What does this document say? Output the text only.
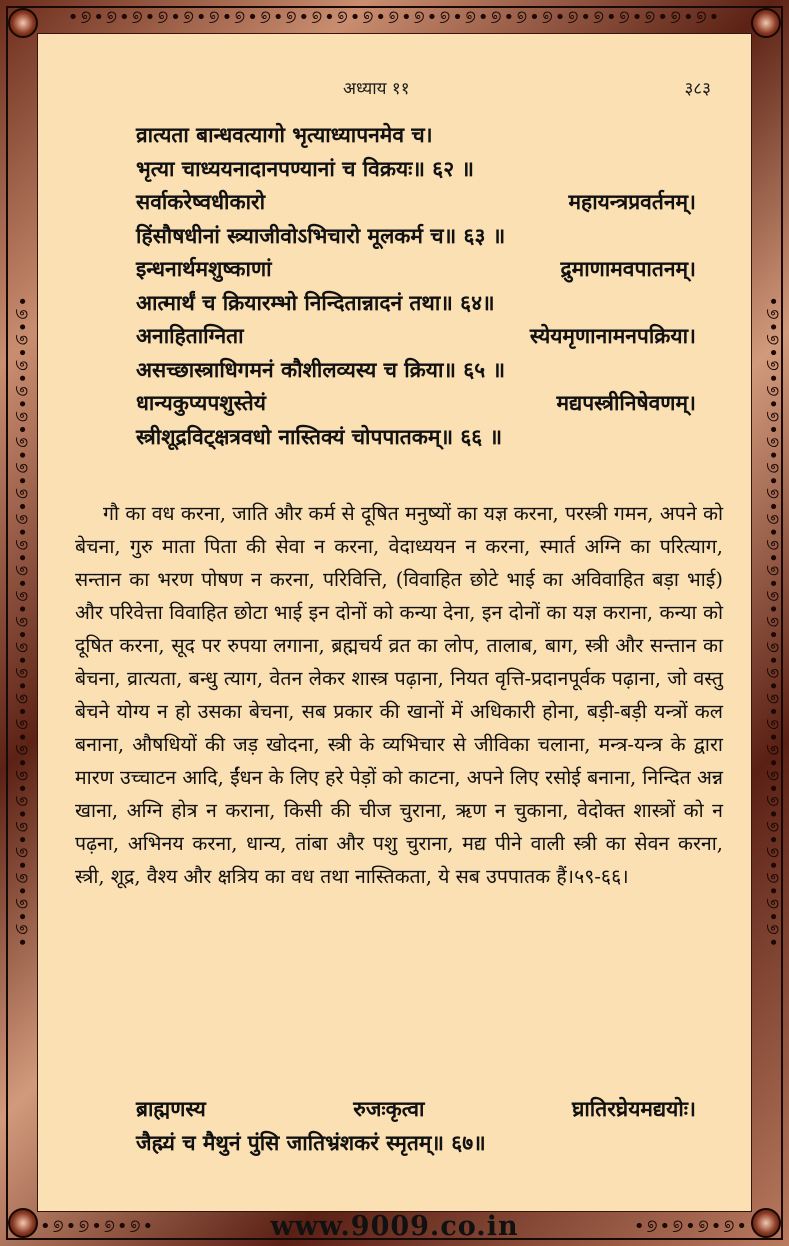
•୭•୭•୭•୭•୭•୭•୭•୭•୭•୭•୭•୭•୭•୭•୭•୭•୭•୭•୭•୭•୭•୭•୭•୭•୭•
•୭•୭•୭•୭•୭•୭•୭•୭•୭•୭•୭•୭•୭•୭•୭•୭•୭•୭•୭•୭•୭•୭•୭•୭•୭•	•୭•୭•୭•୭•୭•୭•୭•୭•୭•୭•୭•୭•୭•୭•୭•୭•୭•୭•୭•୭•୭•୭•୭•୭•୭•
अध्याय ११	३८३
व्रात्यता बान्धवत्यागो भृत्याध्यापनमेव च।
भृत्या चाध्ययनादानपण्यानां च विक्रयः॥ ६२ ॥
सर्वाकरेष्वधीकारो	महायन्त्रप्रवर्तनम्।
हिंसौषधीनां स्त्र्याजीवोऽभिचारो मूलकर्म च॥ ६३ ॥
इन्धनार्थमशुष्काणां	द्रुमाणामवपातनम्।
आत्मार्थं च क्रियारम्भो निन्दितान्नादनं तथा॥ ६४॥
अनाहिताग्निता	स्येयमृणानामनपक्रिया।
असच्छास्त्राधिगमनं कौशीलव्यस्य च क्रिया॥ ६५ ॥
धान्यकुप्यपशुस्तेयं	मद्यपस्त्रीनिषेवणम्।
स्त्रीशूद्रविट्क्षत्रवधो नास्तिक्यं चोपपातकम्॥ ६६ ॥

गौ का वध करना, जाति और कर्म से दूषित मनुष्यों का यज्ञ करना, परस्त्री गमन, अपने को बेचना, गुरु माता पिता की सेवा न करना, वेदाध्ययन न करना, स्मार्त अग्नि का परित्याग, सन्तान का भरण पोषण न करना, परिवित्ति, (विवाहित छोटे भाई का अविवाहित बड़ा भाई) और परिवेत्ता विवाहित छोटा भाई इन दोनों को कन्या देना, इन दोनों का यज्ञ कराना, कन्या को दूषित करना, सूद पर रुपया लगाना, ब्रह्मचर्य व्रत का लोप, तालाब, बाग, स्त्री और सन्तान का बेचना, व्रात्यता, बन्धु त्याग, वेतन लेकर शास्त्र पढ़ाना, नियत वृत्ति-प्रदानपूर्वक पढ़ाना, जो वस्तु बेचने योग्य न हो उसका बेचना, सब प्रकार की खानों में अधिकारी होना, बड़ी-बड़ी यन्त्रों कल बनाना, औषधियों की जड़ खोदना, स्त्री के व्यभिचार से जीविका चलाना, मन्त्र-यन्त्र के द्वारा मारण उच्चाटन आदि, ईंधन के लिए हरे पेड़ों को काटना, अपने लिए रसोई बनाना, निन्दित अन्न खाना, अग्नि होत्र न कराना, किसी की चीज चुराना, ऋण न चुकाना, वेदोक्त शास्त्रों को न पढ़ना, अभिनय करना, धान्य, तांबा और पशु चुराना, मद्य पीने वाली स्त्री का सेवन करना, स्त्री, शूद्र, वैश्य और क्षत्रिय का वध तथा नास्तिकता, ये सब उपपातक हैं।५९-६६।

ब्राह्मणस्य	रुजःकृत्वा	घ्रातिरघ्रेयमद्ययोः।
जैह्म्यं च मैथुनं पुंसि जातिभ्रंशकरं स्मृतम्॥ ६७॥
•୭•୭•୭•୭•	www.9009.co.in	•୭•୭•୭•୭•
